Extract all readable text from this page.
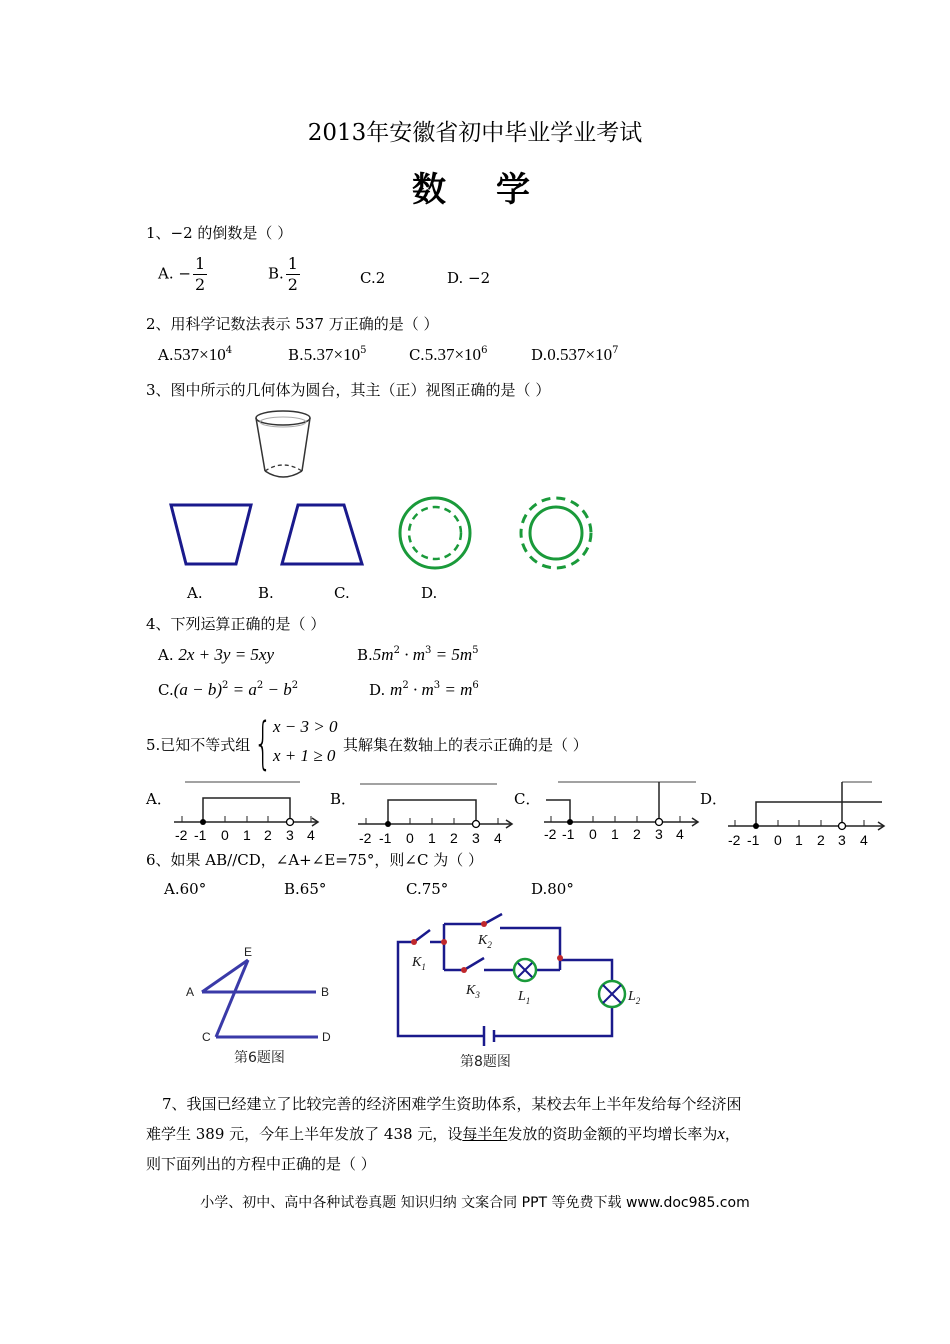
2013年安徽省初中毕业学业考试
数　学
1、−2 的倒数是（ ）
A. − $\frac{1}{2}$	B. $\frac{1}{2}$	C.2	D. −2
2、用科学记数法表示 537 万正确的是（ ）
$A.537\times 10^4$	$B.5.37\times 10^5$	$C.5.37\times 10^6$	$D.0.537\times 10^7$
3、图中所示的几何体为圆台，其主（正）视图正确的是（ ）
A.	B.	C.	D.
4、下列运算正确的是（ ）
A. 2x + 3y = 5xy	$B.5m^2 \cdot m^3 = 5m^5$
$C.(a - b)^2 = a^2 - b^2$	D. $m^2 \cdot m^3 = m^6$
5.已知不等式组 { x − 3 > 0
x + 1 ≥ 0
其解集在数轴上的表示正确的是（ ）
A．	B．	C．	D．
-2 -1 0 1 2 3 4	-2 -1 0 1 2 3 4	-2 -1 0 1 2 3 4	-2 -1 0 1 2 3 4
6、如果 AB//CD，∠A+∠E=75°，则∠C 为（ ）
A.60°	B.65°	C.75°	D.80°
E
A	B
C	D
第6题图
$K_1$
$K_2$
$K_3$	$L_1$	$L_2$
第8题图
7、我国已经建立了比较完善的经济困难学生资助体系，某校去年上半年发给每个经济困
难学生 389 元，今年上半年发放了 438 元，设每半年发放的资助金额的平均增长率为x，
则下面列出的方程中正确的是（ ）
小学、初中、高中各种试卷真题 知识归纳 文案合同 PPT 等免费下载 www.doc985.com
